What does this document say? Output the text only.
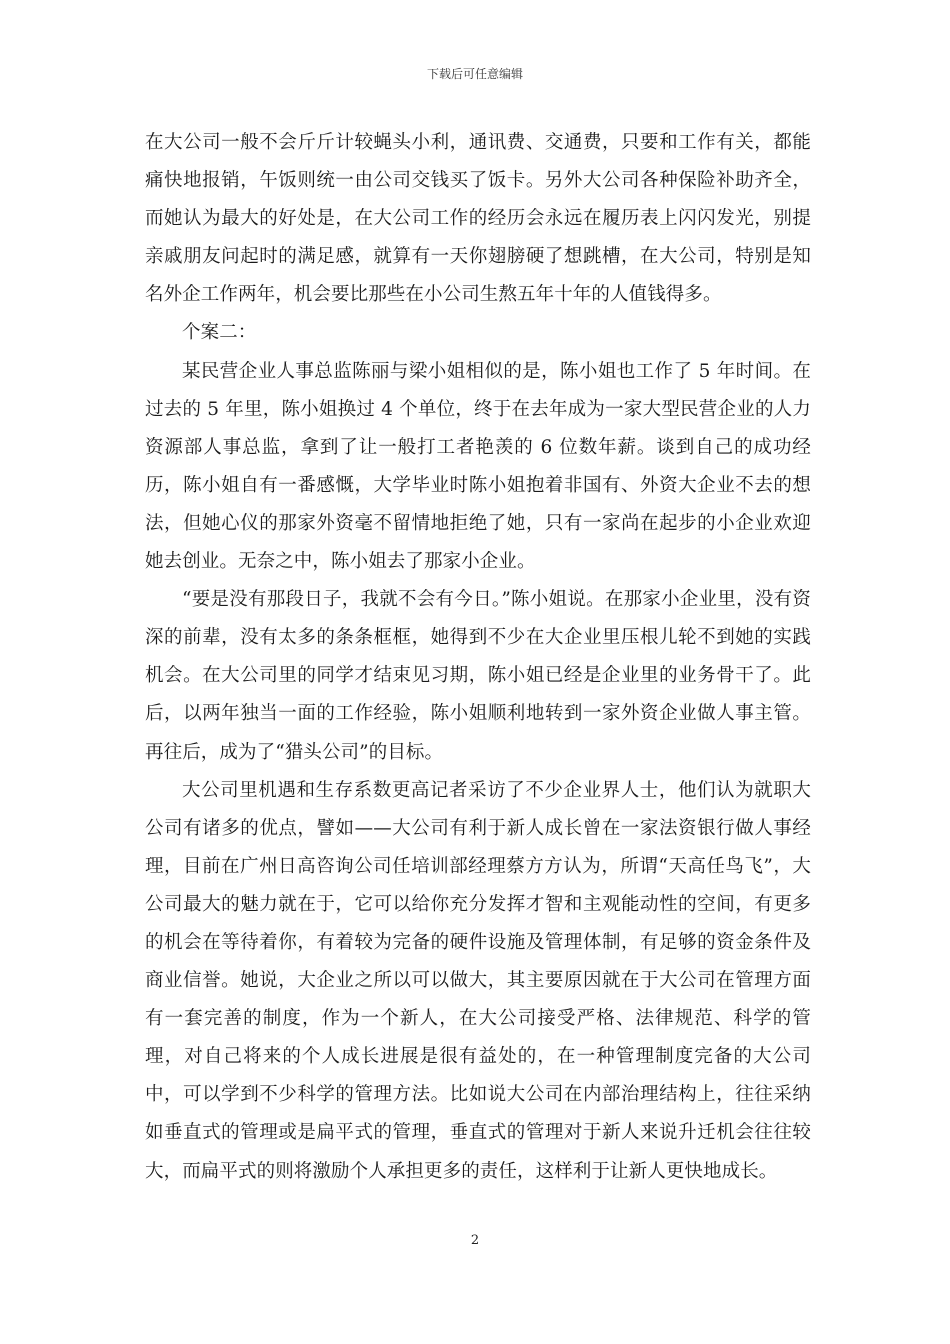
下载后可任意编辑

在大公司一般不会斤斤计较蝇头小利，通讯费、交通费，只要和工作有关，都能痛快地报销，午饭则统一由公司交钱买了饭卡。另外大公司各种保险补助齐全，而她认为最大的好处是，在大公司工作的经历会永远在履历表上闪闪发光，别提亲戚朋友问起时的满足感，就算有一天你翅膀硬了想跳槽，在大公司，特别是知名外企工作两年，机会要比那些在小公司生熬五年十年的人值钱得多。

个案二：

某民营企业人事总监陈丽与梁小姐相似的是，陈小姐也工作了 5 年时间。在过去的 5 年里，陈小姐换过 4 个单位，终于在去年成为一家大型民营企业的人力资源部人事总监，拿到了让一般打工者艳羡的 6 位数年薪。谈到自己的成功经历，陈小姐自有一番感慨，大学毕业时陈小姐抱着非国有、外资大企业不去的想法，但她心仪的那家外资毫不留情地拒绝了她，只有一家尚在起步的小企业欢迎她去创业。无奈之中，陈小姐去了那家小企业。

“要是没有那段日子，我就不会有今日。”陈小姐说。在那家小企业里，没有资深的前辈，没有太多的条条框框，她得到不少在大企业里压根儿轮不到她的实践机会。在大公司里的同学才结束见习期，陈小姐已经是企业里的业务骨干了。此后，以两年独当一面的工作经验，陈小姐顺利地转到一家外资企业做人事主管。再往后，成为了“猎头公司”的目标。

大公司里机遇和生存系数更高记者采访了不少企业界人士，他们认为就职大公司有诸多的优点，譬如——大公司有利于新人成长曾在一家法资银行做人事经理，目前在广州日高咨询公司任培训部经理蔡方方认为，所谓“天高任鸟飞”，大公司最大的魅力就在于，它可以给你充分发挥才智和主观能动性的空间，有更多的机会在等待着你，有着较为完备的硬件设施及管理体制，有足够的资金条件及商业信誉。她说，大企业之所以可以做大，其主要原因就在于大公司在管理方面有一套完善的制度，作为一个新人，在大公司接受严格、法律规范、科学的管理，对自己将来的个人成长进展是很有益处的，在一种管理制度完备的大公司中，可以学到不少科学的管理方法。比如说大公司在内部治理结构上，往往采纳如垂直式的管理或是扁平式的管理，垂直式的管理对于新人来说升迁机会往往较大，而扁平式的则将激励个人承担更多的责任，这样利于让新人更快地成长。

2
